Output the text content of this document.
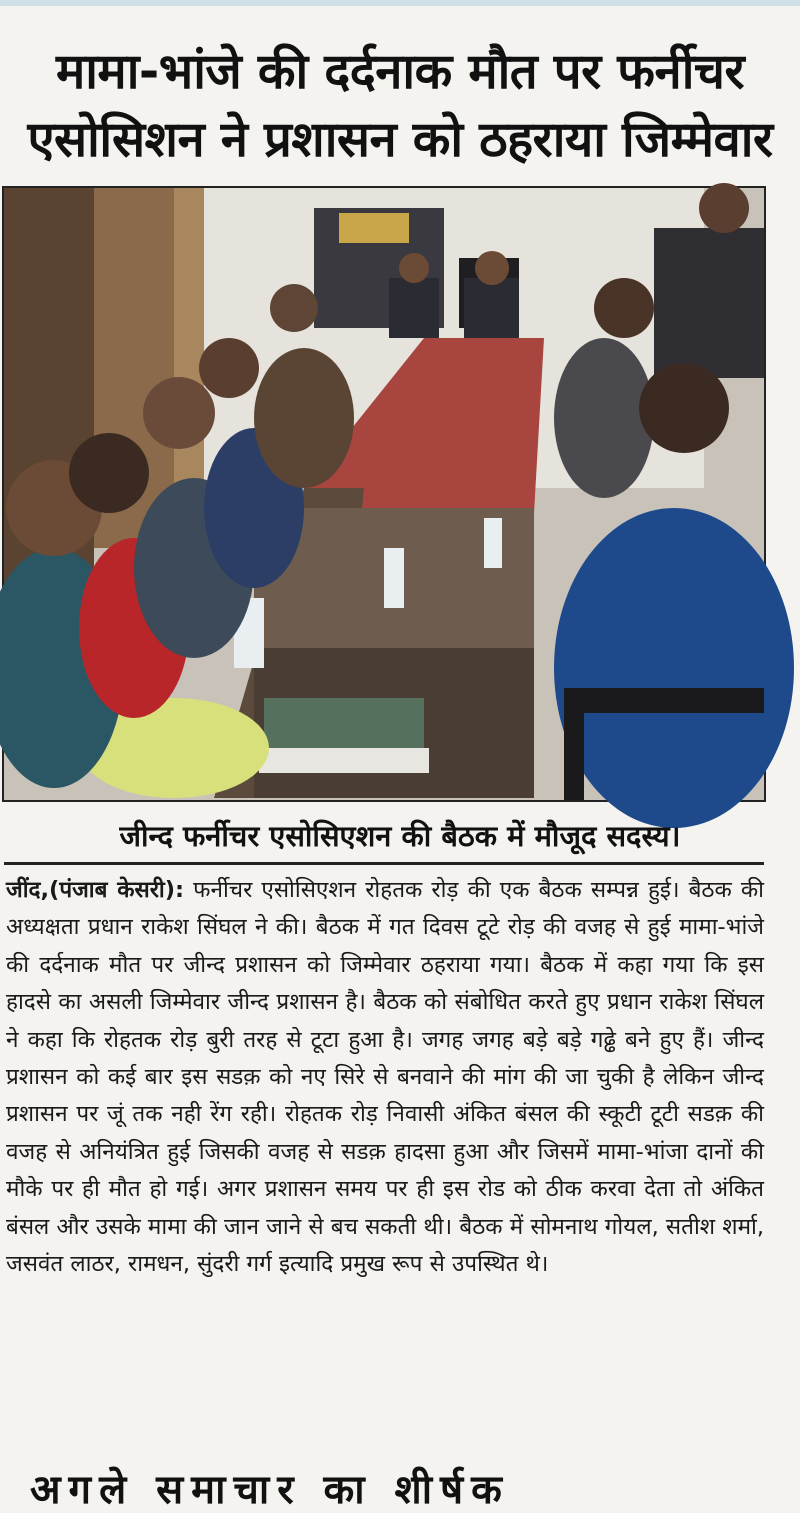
मामा-भांजे की दर्दनाक मौत पर फर्नीचर
एसोसिशन ने प्रशासन को ठहराया जिम्मेवार
जीन्द फर्नीचर एसोसिएशन की बैठक में मौजूद सदस्य।
जींद,(पंजाब केसरी): फर्नीचर एसोसिएशन रोहतक रोड़ की एक बैठक सम्पन्न हुई। बैठक की अध्यक्षता प्रधान राकेश सिंघल ने की। बैठक में गत दिवस टूटे रोड़ की वजह से हुई मामा-भांजे की दर्दनाक मौत पर जीन्द प्रशासन को जिम्मेवार ठहराया गया। बैठक में कहा गया कि इस हादसे का असली जिम्मेवार जीन्द प्रशासन है। बैठक को संबोधित करते हुए प्रधान राकेश सिंघल ने कहा कि रोहतक रोड़ बुरी तरह से टूटा हुआ है। जगह जगह बड़े बड़े गढ्ढे बने हुए हैं। जीन्द प्रशासन को कई बार इस सडक़ को नए सिरे से बनवाने की मांग की जा चुकी है लेकिन जीन्द प्रशासन पर जूं तक नही रेंग रही। रोहतक रोड़ निवासी अंकित बंसल की स्कूटी टूटी सडक़ की वजह से अनियंत्रित हुई जिसकी वजह से सडक़ हादसा हुआ और जिसमें मामा-भांजा दानों की मौके पर ही मौत हो गई। अगर प्रशासन समय पर ही इस रोड को ठीक करवा देता तो अंकित बंसल और उसके मामा की जान जाने से बच सकती थी। बैठक में सोमनाथ गोयल, सतीश शर्मा, जसवंत लाठर, रामधन, सुंदरी गर्ग इत्यादि प्रमुख रूप से उपस्थित थे।
अगले समाचार का शीर्षक
